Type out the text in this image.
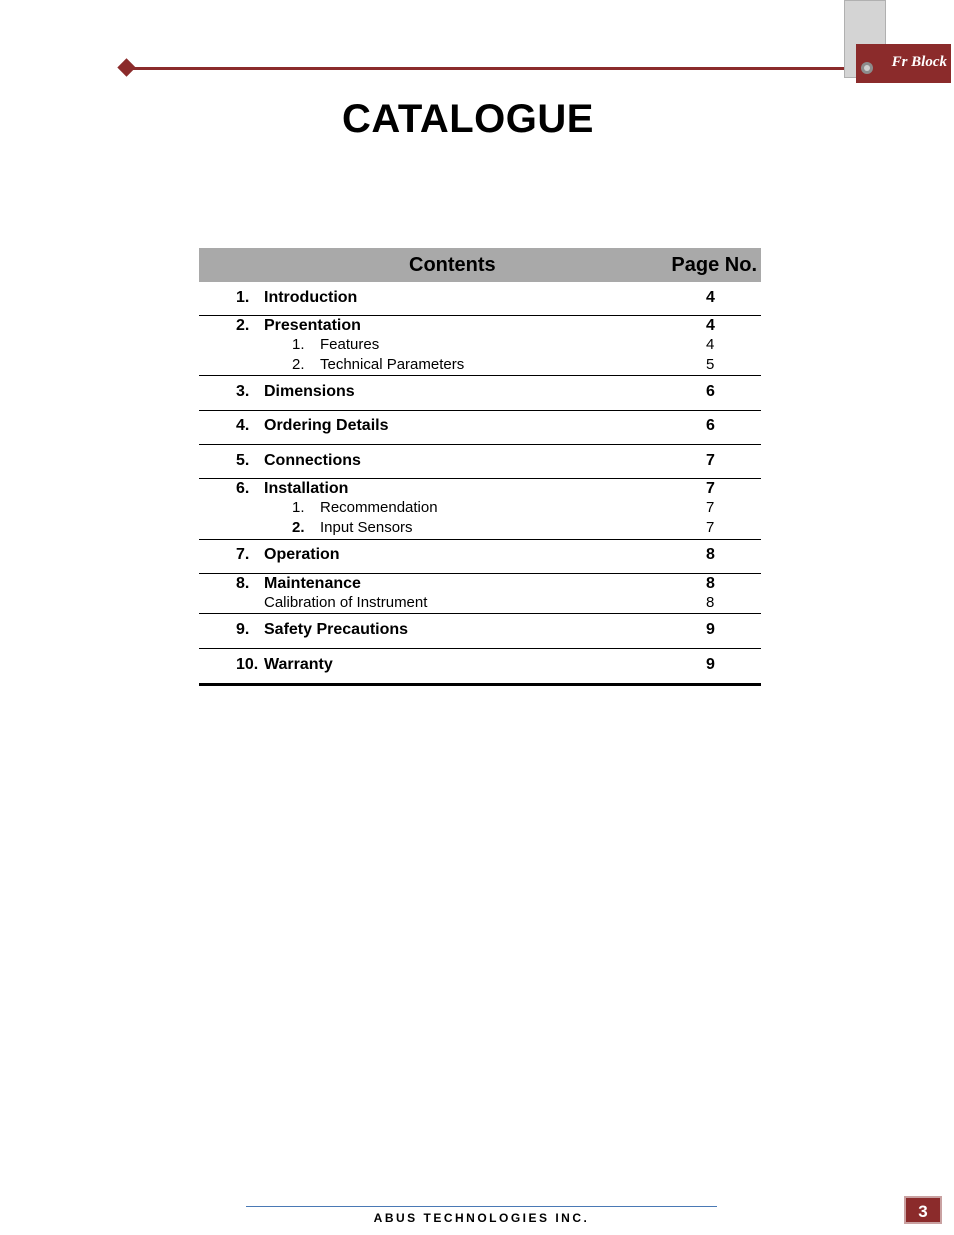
Fr Block
CATALOGUE
Contents	Page No.
1. Introduction	4
2. Presentation	4
1. Features	4
2. Technical Parameters	5
3. Dimensions	6
4. Ordering Details	6
5. Connections	7
6. Installation	7
1. Recommendation	7
2. Input Sensors	7
7. Operation	8
8. Maintenance	8
Calibration of Instrument	8
9. Safety Precautions	9
10. Warranty	9
ABUS TECHNOLOGIES INC.	3
